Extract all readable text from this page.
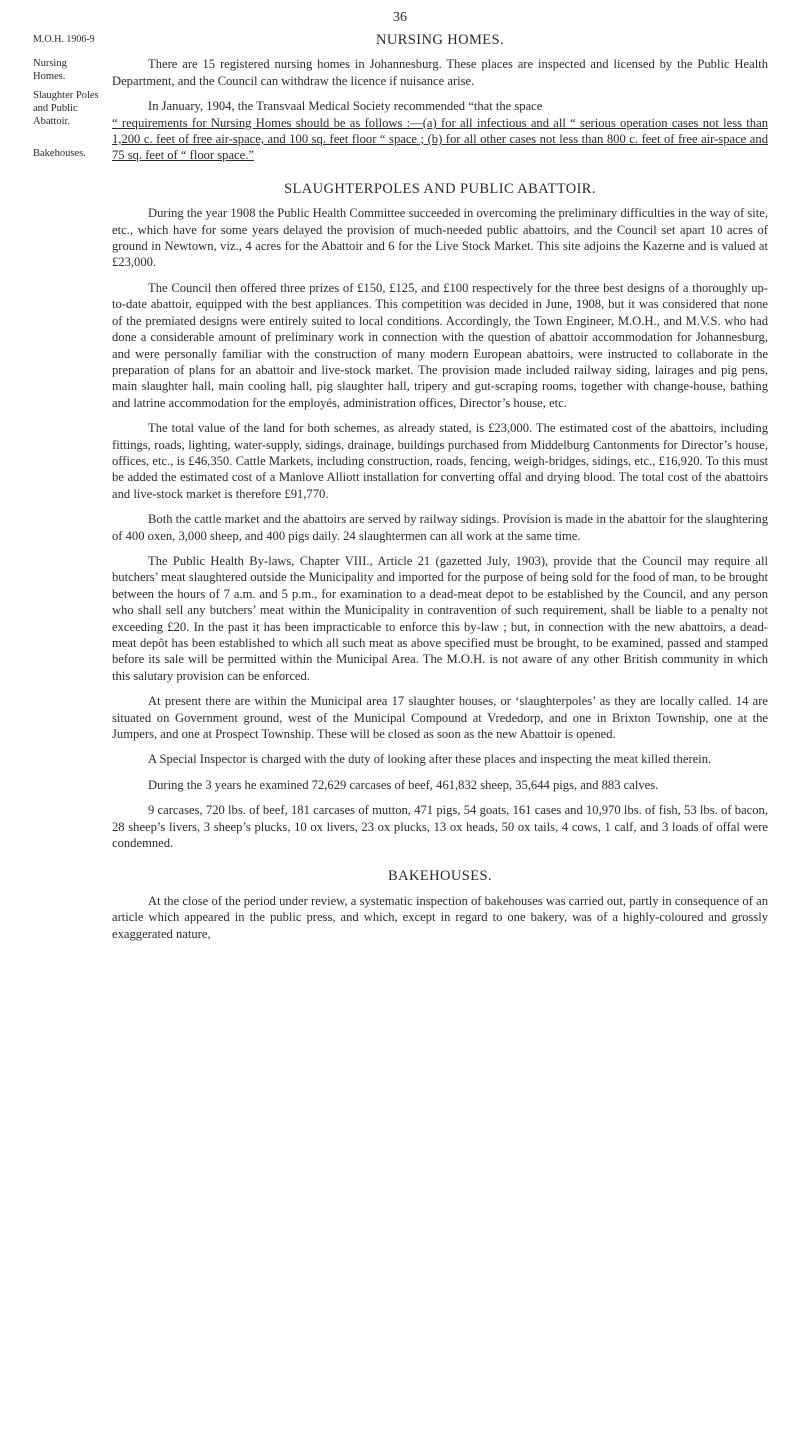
36
M.O.H. 1906-9
Nursing Homes.
Slaughter Poles and Public Abattoir.
Bakehouses.
NURSING HOMES.

There are 15 registered nursing homes in Johannesburg. These places are inspected and licensed by the Public Health Department, and the Council can withdraw the licence if nuisance arise.

In January, 1904, the Transvaal Medical Society recommended “that the space

“ requirements for Nursing Homes should be as follows :—(a) for all infectious and all “ serious operation cases not less than 1,200 c. feet of free air-space, and 100 sq. feet floor “ space ; (b) for all other cases not less than 800 c. feet of free air-space and 75 sq. feet of “ floor space.”

SLAUGHTERPOLES AND PUBLIC ABATTOIR.

During the year 1908 the Public Health Committee succeeded in overcoming the preliminary difficulties in the way of site, etc., which have for some years delayed the provision of much-needed public abattoirs, and the Council set apart 10 acres of ground in Newtown, viz., 4 acres for the Abattoir and 6 for the Live Stock Market. This site adjoins the Kazerne and is valued at £23,000.

The Council then offered three prizes of £150, £125, and £100 respectively for the three best designs of a thoroughly up-to-date abattoir, equipped with the best appliances. This competition was decided in June, 1908, but it was considered that none of the premiated designs were entirely suited to local conditions. Accordingly, the Town Engineer, M.O.H., and M.V.S. who had done a considerable amount of preliminary work in connection with the question of abattoir accommodation for Johannesburg, and were personally familiar with the construction of many modern European abattoirs, were instructed to collaborate in the preparation of plans for an abattoir and live-stock market. The provision made included railway siding, lairages and pig pens, main slaughter hall, main cooling hall, pig slaughter hall, tripery and gut-scraping rooms, together with change-house, bathing and latrine accommodation for the employés, administration offices, Director’s house, etc.

The total value of the land for both schemes, as already stated, is £23,000. The estimated cost of the abattoirs, including fittings, roads, lighting, water-supply, sidings, drainage, buildings purchased from Middelburg Cantonments for Director’s house, offices, etc., is £46,350. Cattle Markets, including construction, roads, fencing, weigh-bridges, sidings, etc., £16,920. To this must be added the estimated cost of a Manlove Alliott installation for converting offal and drying blood. The total cost of the abattoirs and live-stock market is therefore £91,770.

Both the cattle market and the abattoirs are served by railway sidings. Provision is made in the abattoir for the slaughtering of 400 oxen, 3,000 sheep, and 400 pigs daily. 24 slaughtermen can all work at the same time.

The Public Health By-laws, Chapter VIII., Article 21 (gazetted July, 1903), provide that the Council may require all butchers’ meat slaughtered outside the Municipality and imported for the purpose of being sold for the food of man, to be brought between the hours of 7 a.m. and 5 p.m., for examination to a dead-meat depot to be established by the Council, and any person who shall sell any butchers’ meat within the Municipality in contravention of such requirement, shall be liable to a penalty not exceeding £20. In the past it has been impracticable to enforce this by-law ; but, in connection with the new abattoirs, a dead-meat depôt has been established to which all such meat as above specified must be brought, to be examined, passed and stamped before its sale will be permitted within the Municipal Area. The M.O.H. is not aware of any other British community in which this salutary provision can be enforced.

At present there are within the Municipal area 17 slaughter houses, or ‘slaughterpoles’ as they are locally called. 14 are situated on Government ground, west of the Municipal Compound at Vrededorp, and one in Brixton Township, one at the Jumpers, and one at Prospect Township. These will be closed as soon as the new Abattoir is opened.

A Special Inspector is charged with the duty of looking after these places and inspecting the meat killed therein.

During the 3 years he examined 72,629 carcases of beef, 461,832 sheep, 35,644 pigs, and 883 calves.

9 carcases, 720 lbs. of beef, 181 carcases of mutton, 471 pigs, 54 goats, 161 cases and 10,970 lbs. of fish, 53 lbs. of bacon, 28 sheep’s livers, 3 sheep’s plucks, 10 ox livers, 23 ox plucks, 13 ox heads, 50 ox tails, 4 cows, 1 calf, and 3 loads of offal were condemned.

BAKEHOUSES.

At the close of the period under review, a systematic inspection of bakehouses was carried out, partly in consequence of an article which appeared in the public press, and which, except in regard to one bakery, was of a highly-coloured and grossly exaggerated nature,
